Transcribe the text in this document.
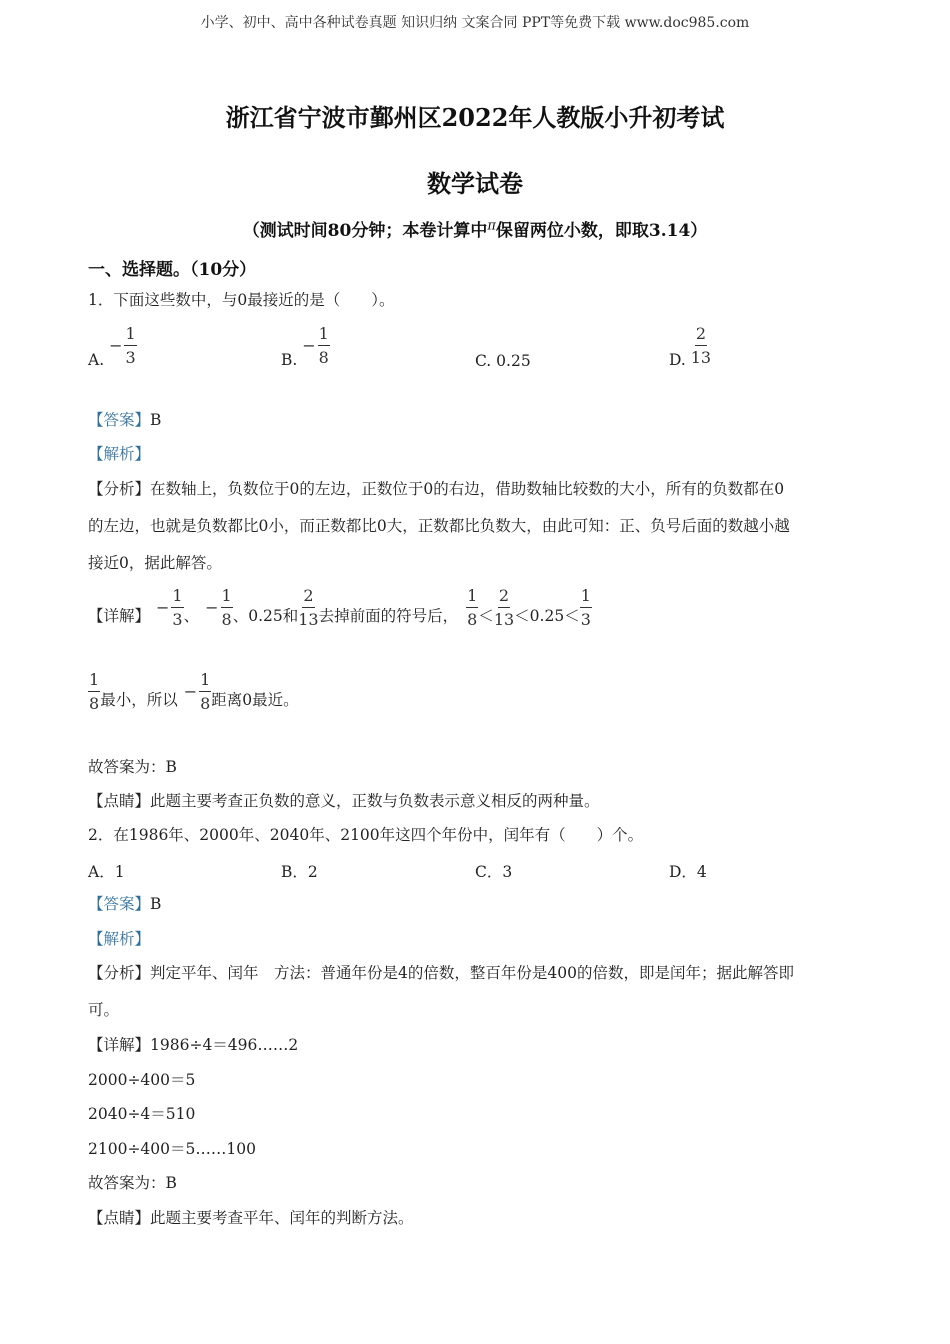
小学、初中、高中各种试卷真题 知识归纳 文案合同 PPT等免费下载 www.doc985.com
浙江省宁波市鄞州区2022年人教版小升初考试
数学试卷
（测试时间80分钟；本卷计算中$^\pi$保留两位小数，即取3.14）
一、选择题。（10分）
1．下面这些数中，与0最接近的是（　　）。
A. − $\frac{1}{3}$	B. − $\frac{1}{8}$	C. 0.25	D. $\frac{2}{13}$
【答案】B
【解析】
【分析】在数轴上，负数位于0的左边，正数位于0的右边，借助数轴比较数的大小，所有的负数都在0
的左边，也就是负数都比0小，而正数都比0大，正数都比负数大，由此可知：正、负号后面的数越小越
接近0，据此解答。
【详解】 − $\frac{1}{3}$ 、 − $\frac{1}{8}$ 、0.25和 $\frac{2}{13}$ 去掉前面的符号后， $\frac{1}{8} < \frac{2}{13} <0.25< \frac{1}{3}$
$\frac{1}{8}$ 最小，所以 − $\frac{1}{8}$ 距离0最近。
故答案为：B
【点睛】此题主要考查正负数的意义，正数与负数表示意义相反的两种量。
2．在1986年、2000年、2040年、2100年这四个年份中，闰年有（　　）个。
A．1	B．2	C．3	D．4
【答案】B
【解析】
【分析】判定平年、闰年　方法：普通年份是4的倍数，整百年份是400的倍数，即是闰年；据此解答即
可。
【详解】1986÷4＝496……2
2000÷400＝5
2040÷4＝510
2100÷400＝5……100
故答案为：B
【点睛】此题主要考查平年、闰年的判断方法。
